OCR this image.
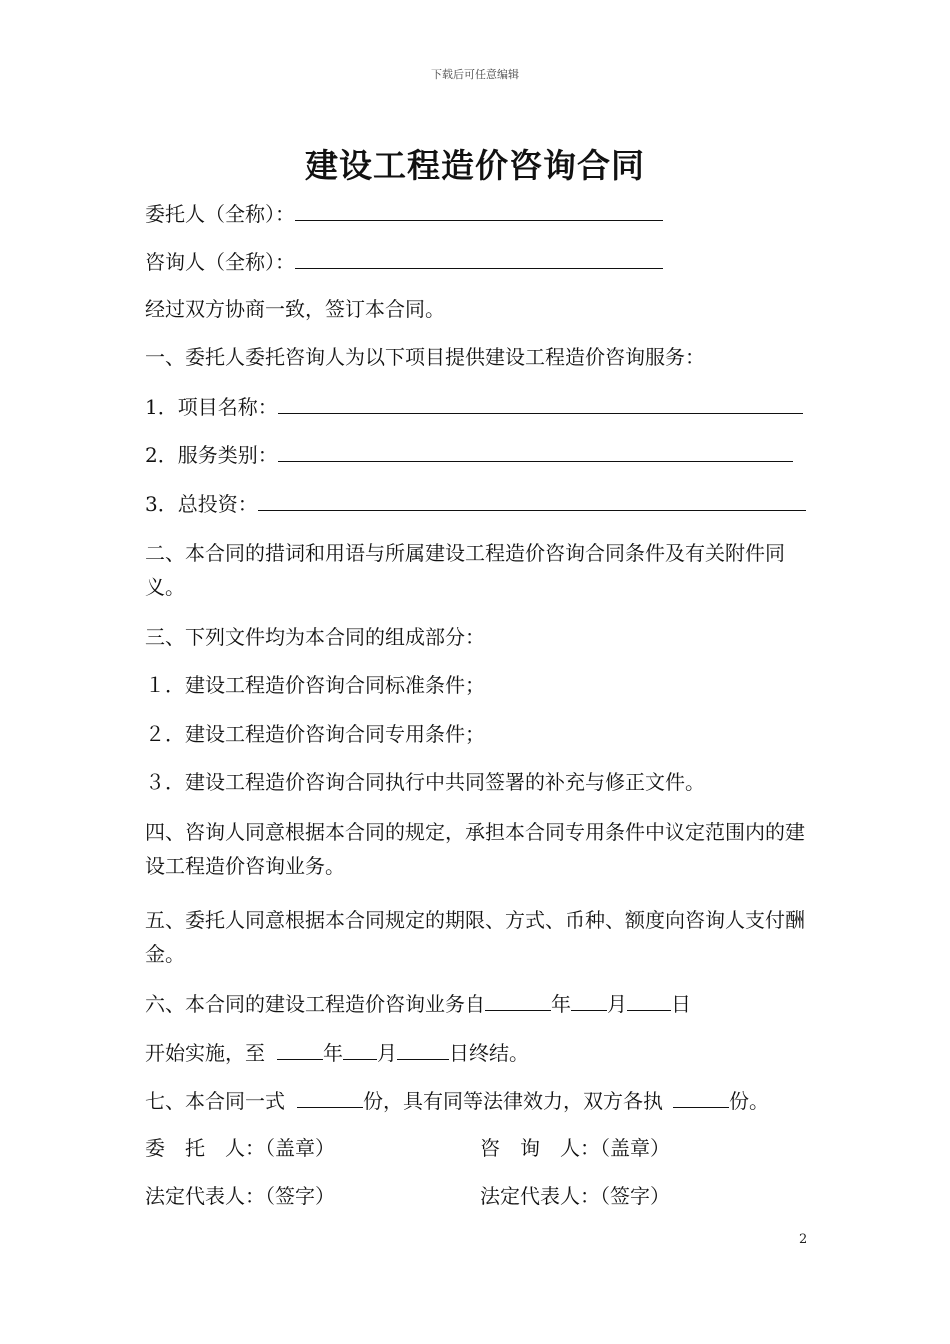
下载后可任意编辑
建设工程造价咨询合同
委托人（全称）：
咨询人（全称）：
经过双方协商一致，签订本合同。
一、委托人委托咨询人为以下项目提供建设工程造价咨询服务：
1．项目名称：
2．服务类别：
3．总投资：
二、本合同的措词和用语与所属建设工程造价咨询合同条件及有关附件同义。
三、下列文件均为本合同的组成部分：
１．建设工程造价咨询合同标准条件；
２．建设工程造价咨询合同专用条件；
３．建设工程造价咨询合同执行中共同签署的补充与修正文件。
四、咨询人同意根据本合同的规定，承担本合同专用条件中议定范围内的建设工程造价咨询业务。
五、委托人同意根据本合同规定的期限、方式、币种、额度向咨询人支付酬金。
六、本合同的建设工程造价咨询业务自	年 月 日
开始实施，至	年 月	日终结。
七、本合同一式	份，具有同等法律效力，双方各执	份。
委　托　人：（盖章）	咨　询　人：（盖章）
法定代表人：（签字）	法定代表人：（签字）
2
